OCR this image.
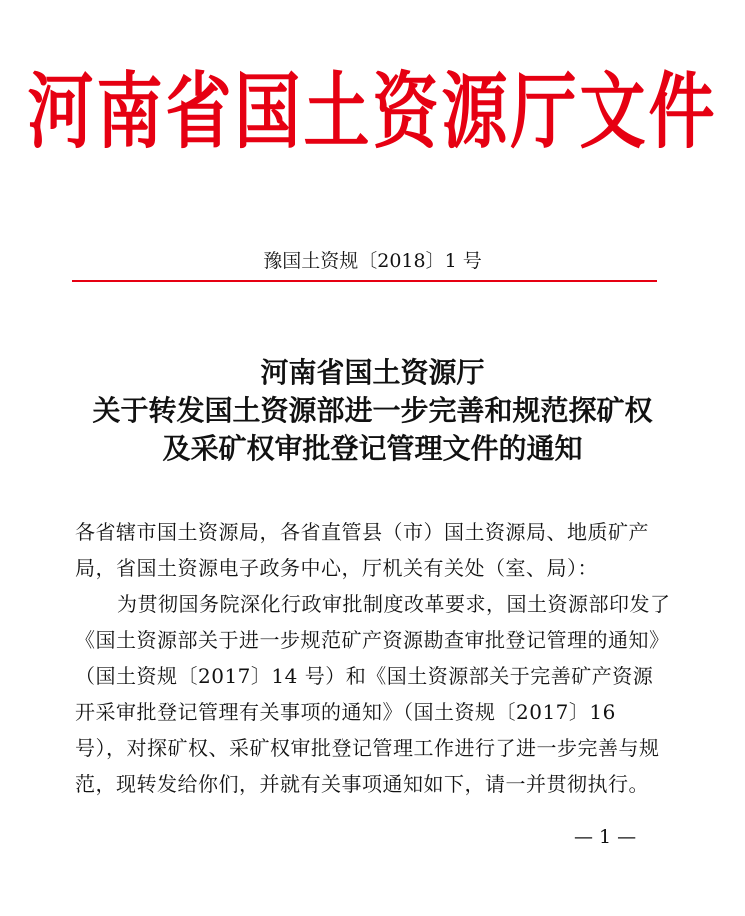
河南省国土资源厅文件
豫国土资规〔2018〕1 号
河南省国土资源厅
关于转发国土资源部进一步完善和规范探矿权
及采矿权审批登记管理文件的通知

各省辖市国土资源局，各省直管县（市）国土资源局、地质矿产局，省国土资源电子政务中心，厅机关有关处（室、局）：

为贯彻国务院深化行政审批制度改革要求，国土资源部印发了《国土资源部关于进一步规范矿产资源勘查审批登记管理的通知》（国土资规〔2017〕14 号）和《国土资源部关于完善矿产资源开采审批登记管理有关事项的通知》（国土资规〔2017〕16 号），对探矿权、采矿权审批登记管理工作进行了进一步完善与规范，现转发给你们，并就有关事项通知如下，请一并贯彻执行。

— 1 —
